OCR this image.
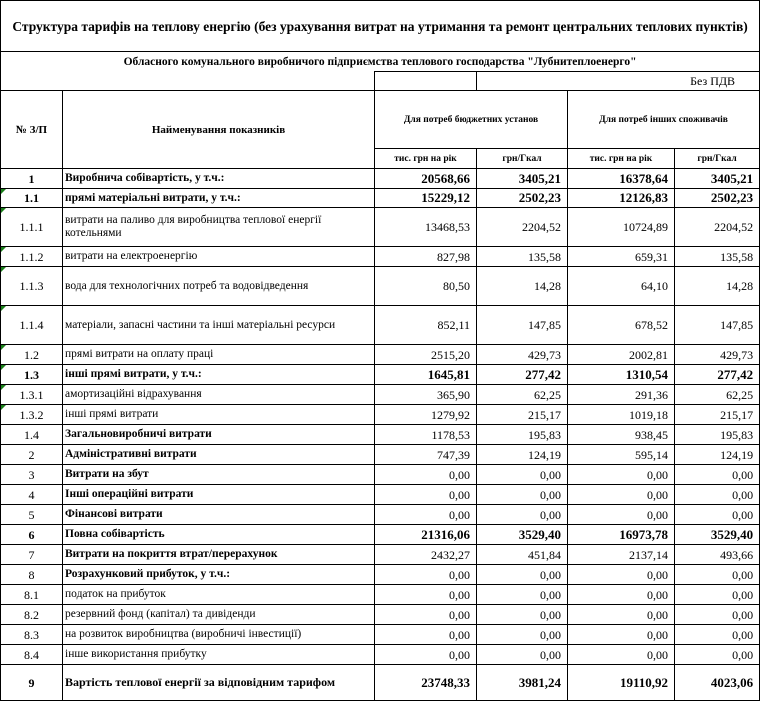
Структура тарифів на теплову енергію (без урахування витрат на утримання та ремонт центральних теплових пунктів)					
Обласного комунального виробничого підприємства теплового господарства "Лубнитеплоенерго"					
			Без ПДВ		
№ З/П	Найменування показників	Для потреб бюджетних установ		Для потреб інших споживачів	
		тис. грн на рік	грн/Гкал	тис. грн на рік	грн/Гкал
1	Виробнича собівартість, у т.ч.:	20568,66	3405,21	16378,64	3405,21
1.1	прямі матеріальні витрати, у т.ч.:	15229,12	2502,23	12126,83	2502,23
1.1.1	витрати на паливо для виробництва теплової енергії котельнями	13468,53	2204,52	10724,89	2204,52
1.1.2	витрати на електроенергію	827,98	135,58	659,31	135,58
1.1.3	вода для технологічних потреб та водовідведення	80,50	14,28	64,10	14,28
1.1.4	матеріали, запасні частини та інші матеріальні ресурси	852,11	147,85	678,52	147,85
1.2	прямі витрати на оплату праці	2515,20	429,73	2002,81	429,73
1.3	інші прямі витрати, у т.ч.:	1645,81	277,42	1310,54	277,42
1.3.1	амортизаційні відрахування	365,90	62,25	291,36	62,25
1.3.2	інші прямі витрати	1279,92	215,17	1019,18	215,17
1.4	Загальновиробничі витрати	1178,53	195,83	938,45	195,83
2	Адміністративні витрати	747,39	124,19	595,14	124,19
3	Витрати на збут	0,00	0,00	0,00	0,00
4	Інші операційні витрати	0,00	0,00	0,00	0,00
5	Фінансові витрати	0,00	0,00	0,00	0,00
6	Повна собівартість	21316,06	3529,40	16973,78	3529,40
7	Витрати на покриття втрат/перерахунок	2432,27	451,84	2137,14	493,66
8	Розрахунковий прибуток, у т.ч.:	0,00	0,00	0,00	0,00
8.1	податок на прибуток	0,00	0,00	0,00	0,00
8.2	резервний фонд (капітал) та дивіденди	0,00	0,00	0,00	0,00
8.3	на розвиток виробництва (виробничі інвестиції)	0,00	0,00	0,00	0,00
8.4	інше використання прибутку	0,00	0,00	0,00	0,00
9	Вартість теплової енергії за відповідним тарифом	23748,33	3981,24	19110,92	4023,06
